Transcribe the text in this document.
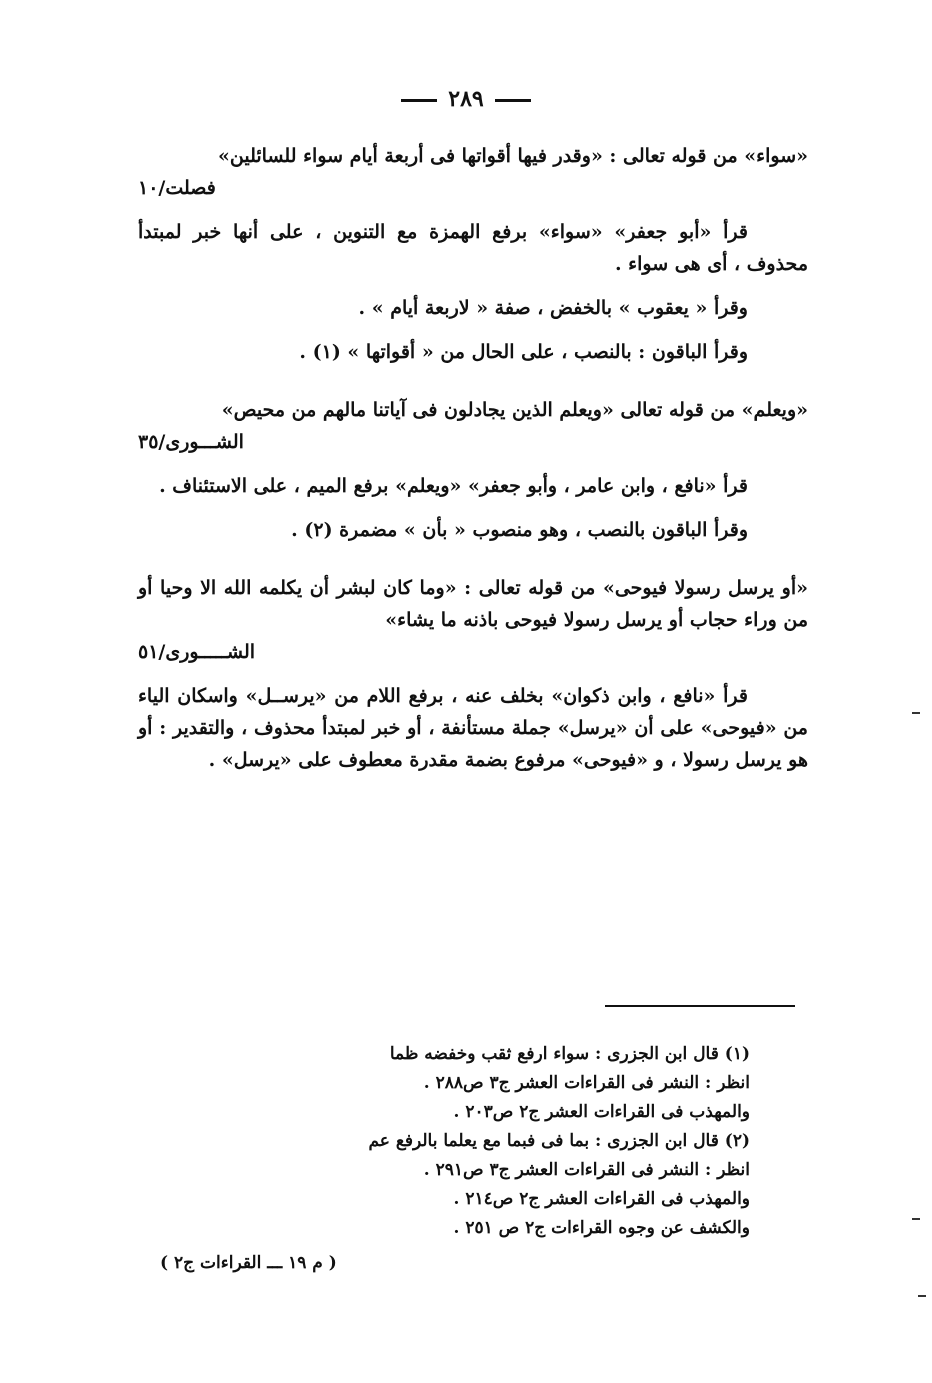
٢٨٩

«سواء» من قوله تعالى : «وقدر فيها أقواتها فى أربعة أيام سواء للسائلين»
فصلت/١٠

قرأ «أبو جعفر» «سواء» برفع الهمزة مع التنوين ، على أنها خبر لمبتدأ محذوف ، أى هى سواء .

وقرأ « يعقوب » بالخفض ، صفة « لاربعة أيام » .

وقرأ الباقون : بالنصب ، على الحال من « أقواتها » (١) .

«ويعلم» من قوله تعالى «ويعلم الذين يجادلون فى آياتنا مالهم من محيص»
الشـــورى/٣٥

قرأ «نافع ، وابن عامر ، وأبو جعفر» «ويعلم» برفع الميم ، على الاستئناف .

وقرأ الباقون بالنصب ، وهو منصوب « بأن » مضمرة (٢) .

«أو يرسل رسولا فيوحى» من قوله تعالى : «وما كان لبشر أن يكلمه الله الا وحيا أو من وراء حجاب أو يرسل رسولا فيوحى باذنه ما يشاء»
الشـــــورى/٥١

قرأ «نافع ، وابن ذكوان» بخلف عنه ، برفع اللام من «يرســل» واسكان الياء من «فيوحى» على أن «يرسل» جملة مستأنفة ، أو خبر لمبتدأ محذوف ، والتقدير : أو هو يرسل رسولا ، و «فيوحى» مرفوع بضمة مقدرة معطوف على «يرسل» .

(١) قال ابن الجزرى : سواء ارفع ثقب وخفضه ظما
انظر : النشر فى القراءات العشر ج٣ ص٢٨٨ .
والمهذب فى القراءات العشر ج٢ ص٢٠٣ .
(٢) قال ابن الجزرى : بما فى فبما مع يعلما بالرفع عم
انظر : النشر فى القراءات العشر ج٣ ص٢٩١ .
والمهذب فى القراءات العشر ج٢ ص٢١٤ .
والكشف عن وجوه القراءات ج٢ ص ٢٥١ .
( م ١٩ ـــ القراءات ج٢ )
